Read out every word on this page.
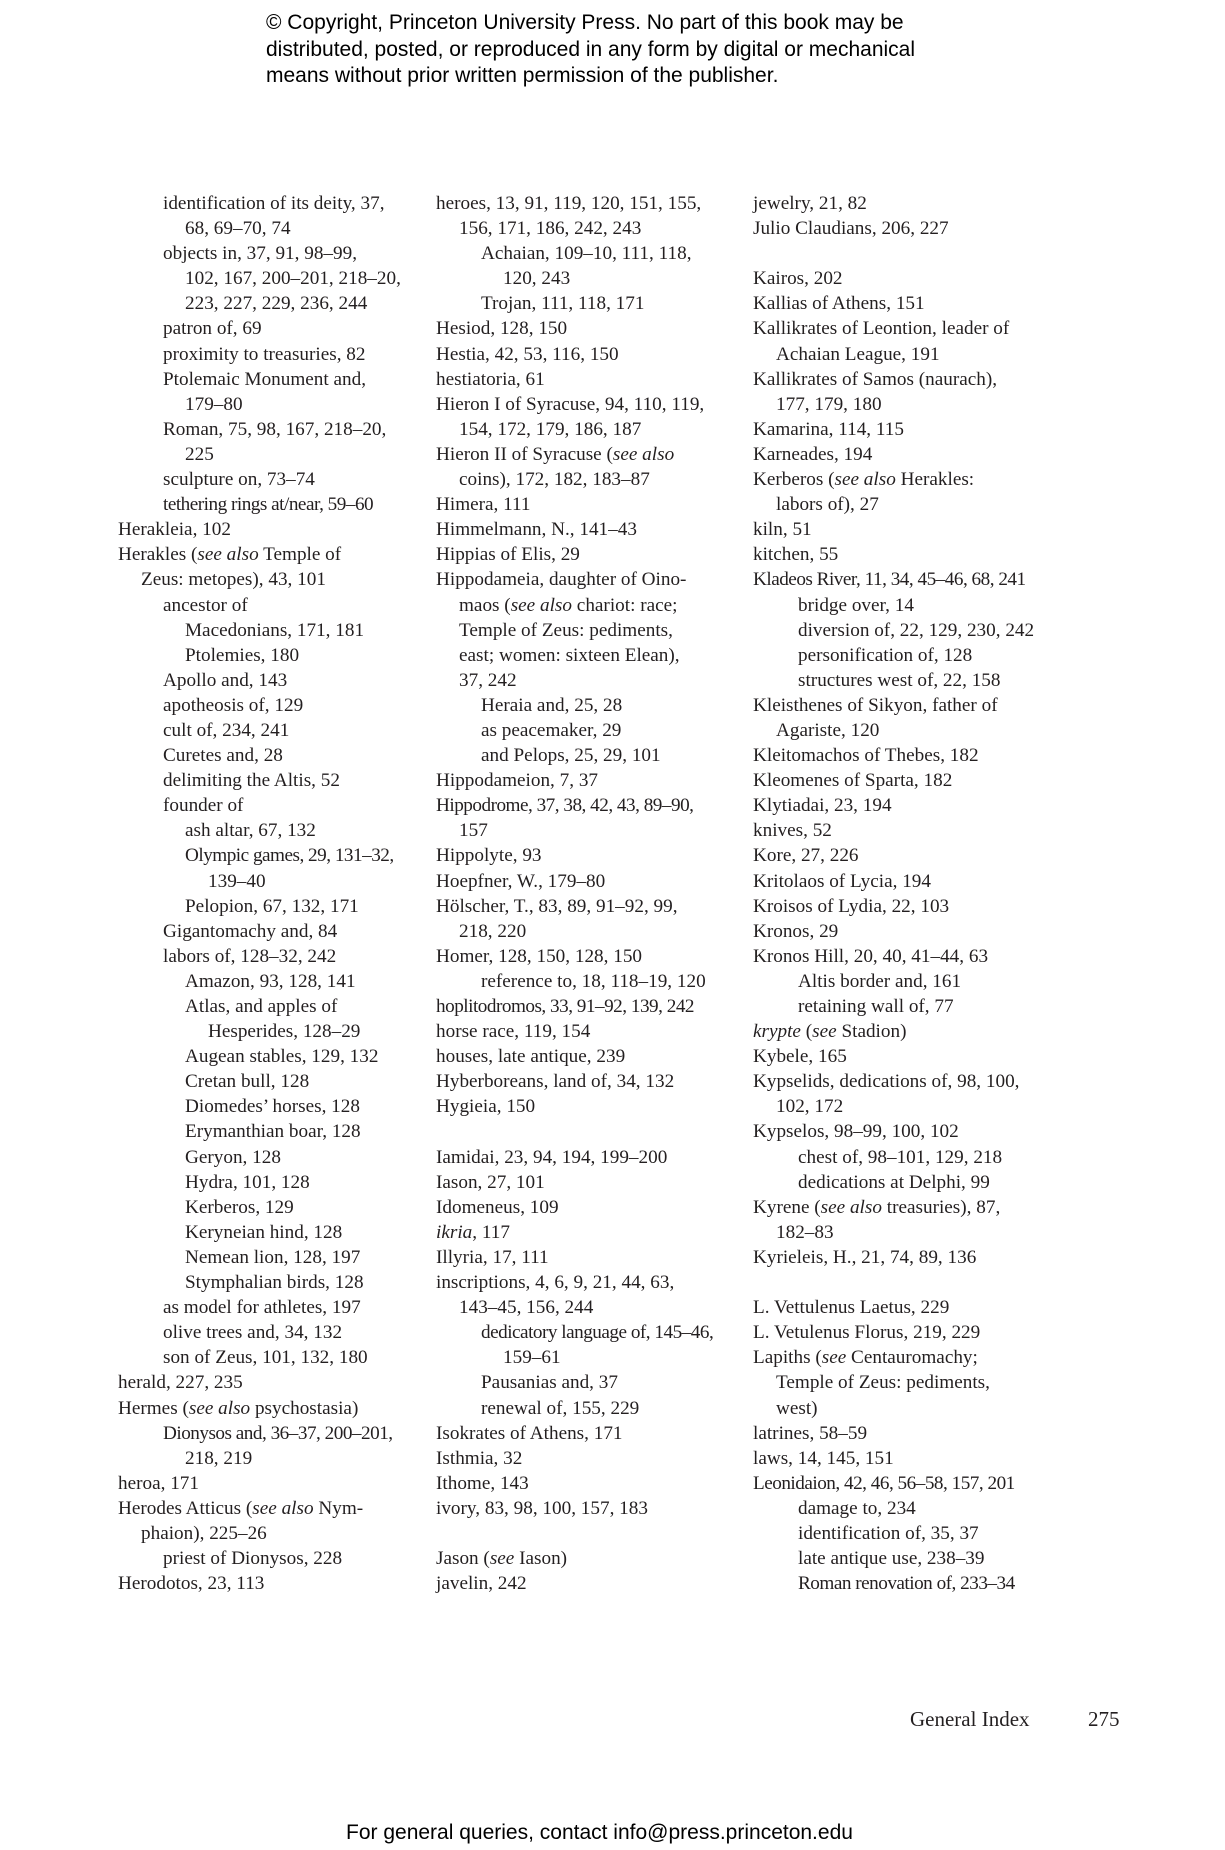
© Copyright, Princeton University Press. No part of this book may be
distributed, posted, or reproduced in any form by digital or mechanical
means without prior written permission of the publisher.
identification of its deity, 37,
68, 69–70, 74
objects in, 37, 91, 98–99,
102, 167, 200–201, 218–20,
223, 227, 229, 236, 244
patron of, 69
proximity to treasuries, 82
Ptolemaic Monument and,
179–80
Roman, 75, 98, 167, 218–20,
225
sculpture on, 73–74
tethering rings at/near, 59–60
Herakleia, 102
Herakles (see also Temple of
Zeus: metopes), 43, 101
ancestor of
Macedonians, 171, 181
Ptolemies, 180
Apollo and, 143
apotheosis of, 129
cult of, 234, 241
Curetes and, 28
delimiting the Altis, 52
founder of
ash altar, 67, 132
Olympic games, 29, 131–32,
139–40
Pelopion, 67, 132, 171
Gigantomachy and, 84
labors of, 128–32, 242
Amazon, 93, 128, 141
Atlas, and apples of
Hesperides, 128–29
Augean stables, 129, 132
Cretan bull, 128
Diomedes’ horses, 128
Erymanthian boar, 128
Geryon, 128
Hydra, 101, 128
Kerberos, 129
Keryneian hind, 128
Nemean lion, 128, 197
Stymphalian birds, 128
as model for athletes, 197
olive trees and, 34, 132
son of Zeus, 101, 132, 180
herald, 227, 235
Hermes (see also psychostasia)
Dionysos and, 36–37, 200–201,
218, 219
heroa, 171
Herodes Atticus (see also Nym-
phaion), 225–26
priest of Dionysos, 228
Herodotos, 23, 113
heroes, 13, 91, 119, 120, 151, 155,
156, 171, 186, 242, 243
Achaian, 109–10, 111, 118,
120, 243
Trojan, 111, 118, 171
Hesiod, 128, 150
Hestia, 42, 53, 116, 150
hestiatoria, 61
Hieron I of Syracuse, 94, 110, 119,
154, 172, 179, 186, 187
Hieron II of Syracuse (see also
coins), 172, 182, 183–87
Himera, 111
Himmelmann, N., 141–43
Hippias of Elis, 29
Hippodameia, daughter of Oino-
maos (see also chariot: race;
Temple of Zeus: pediments,
east; women: sixteen Elean),
37, 242
Heraia and, 25, 28
as peacemaker, 29
and Pelops, 25, 29, 101
Hippodameion, 7, 37
Hippodrome, 37, 38, 42, 43, 89–90,
157
Hippolyte, 93
Hoepfner, W., 179–80
Hölscher, T., 83, 89, 91–92, 99,
218, 220
Homer, 128, 150, 128, 150
reference to, 18, 118–19, 120
hoplitodromos, 33, 91–92, 139, 242
horse race, 119, 154
houses, late antique, 239
Hyberboreans, land of, 34, 132
Hygieia, 150
Iamidai, 23, 94, 194, 199–200
Iason, 27, 101
Idomeneus, 109
ikria, 117
Illyria, 17, 111
inscriptions, 4, 6, 9, 21, 44, 63,
143–45, 156, 244
dedicatory language of, 145–46,
159–61
Pausanias and, 37
renewal of, 155, 229
Isokrates of Athens, 171
Isthmia, 32
Ithome, 143
ivory, 83, 98, 100, 157, 183
Jason (see Iason)
javelin, 242
jewelry, 21, 82
Julio Claudians, 206, 227
Kairos, 202
Kallias of Athens, 151
Kallikrates of Leontion, leader of
Achaian League, 191
Kallikrates of Samos (naurach),
177, 179, 180
Kamarina, 114, 115
Karneades, 194
Kerberos (see also Herakles:
labors of), 27
kiln, 51
kitchen, 55
Kladeos River, 11, 34, 45–46, 68, 241
bridge over, 14
diversion of, 22, 129, 230, 242
personification of, 128
structures west of, 22, 158
Kleisthenes of Sikyon, father of
Agariste, 120
Kleitomachos of Thebes, 182
Kleomenes of Sparta, 182
Klytiadai, 23, 194
knives, 52
Kore, 27, 226
Kritolaos of Lycia, 194
Kroisos of Lydia, 22, 103
Kronos, 29
Kronos Hill, 20, 40, 41–44, 63
Altis border and, 161
retaining wall of, 77
krypte (see Stadion)
Kybele, 165
Kypselids, dedications of, 98, 100,
102, 172
Kypselos, 98–99, 100, 102
chest of, 98–101, 129, 218
dedications at Delphi, 99
Kyrene (see also treasuries), 87,
182–83
Kyrieleis, H., 21, 74, 89, 136
L. Vettulenus Laetus, 229
L. Vetulenus Florus, 219, 229
Lapiths (see Centauromachy;
Temple of Zeus: pediments,
west)
latrines, 58–59
laws, 14, 145, 151
Leonidaion, 42, 46, 56–58, 157, 201
damage to, 234
identification of, 35, 37
late antique use, 238–39
Roman renovation of, 233–34
General Index	275
For general queries, contact info@press.princeton.edu
